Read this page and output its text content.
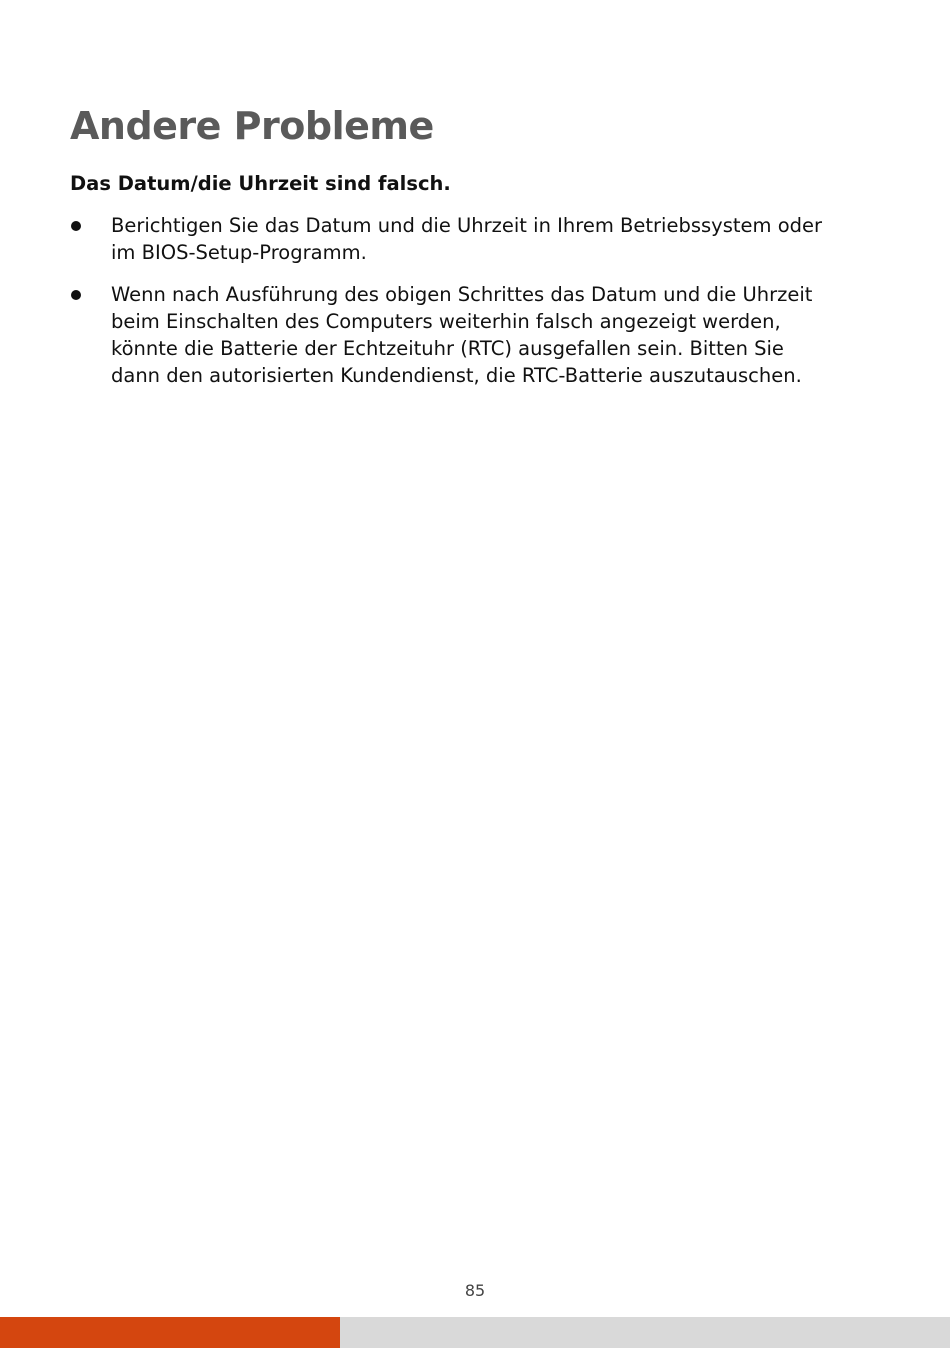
Andere Probleme
Das Datum/die Uhrzeit sind falsch.
Berichtigen Sie das Datum und die Uhrzeit in Ihrem Betriebssystem oder
im BIOS-Setup-Programm.
Wenn nach Ausführung des obigen Schrittes das Datum und die Uhrzeit
beim Einschalten des Computers weiterhin falsch angezeigt werden,
könnte die Batterie der Echtzeituhr (RTC) ausgefallen sein. Bitten Sie
dann den autorisierten Kundendienst, die RTC-Batterie auszutauschen.
85
